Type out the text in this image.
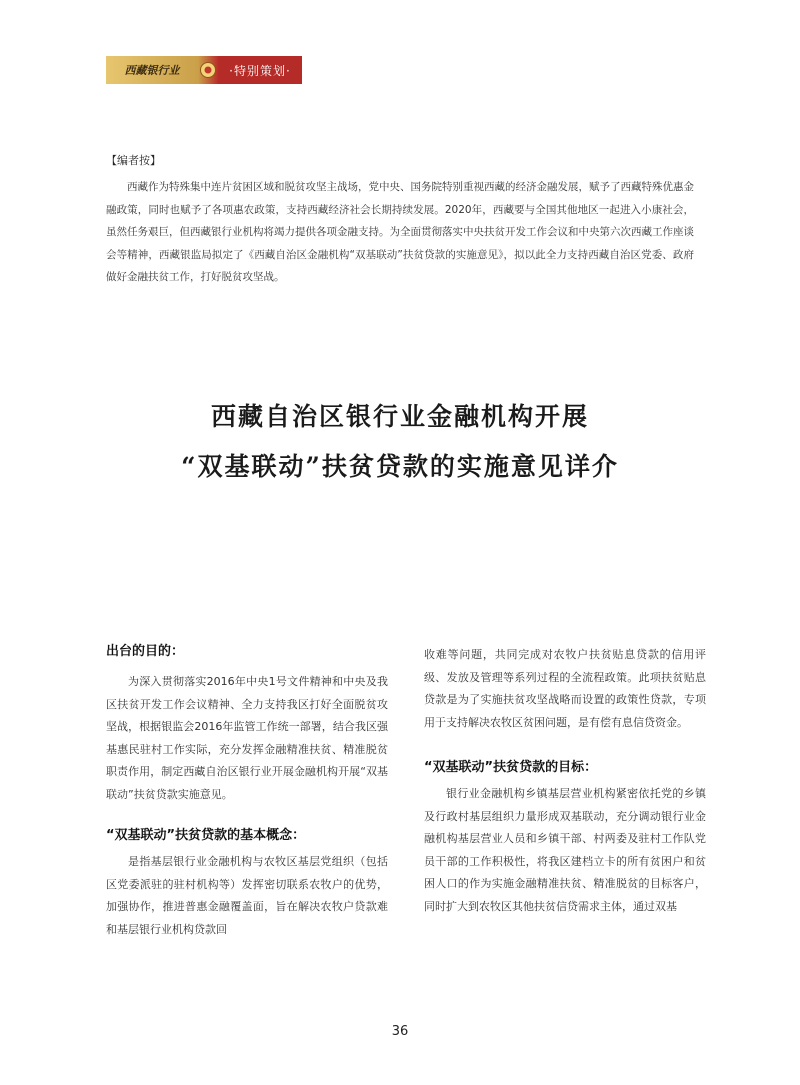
西藏银行业	·特别策划·
【编者按】
西藏作为特殊集中连片贫困区域和脱贫攻坚主战场，党中央、国务院特别重视西藏的经济金融发展，赋予了西藏特殊优惠金融政策，同时也赋予了各项惠农政策，支持西藏经济社会长期持续发展。2020年，西藏要与全国其他地区一起进入小康社会，虽然任务艰巨，但西藏银行业机构将竭力提供各项金融支持。为全面贯彻落实中央扶贫开发工作会议和中央第六次西藏工作座谈会等精神，西藏银监局拟定了《西藏自治区金融机构“双基联动”扶贫贷款的实施意见》，拟以此全力支持西藏自治区党委、政府做好金融扶贫工作，打好脱贫攻坚战。
西藏自治区银行业金融机构开展
“双基联动”扶贫贷款的实施意见详介
出台的目的：
为深入贯彻落实2016年中央1号文件精神和中央及我区扶贫开发工作会议精神、全力支持我区打好全面脱贫攻坚战，根据银监会2016年监管工作统一部署，结合我区强基惠民驻村工作实际，充分发挥金融精准扶贫、精准脱贫职责作用，制定西藏自治区银行业开展金融机构开展“双基联动”扶贫贷款实施意见。
“双基联动”扶贫贷款的基本概念：
是指基层银行业金融机构与农牧区基层党组织（包括区党委派驻的驻村机构等）发挥密切联系农牧户的优势，加强协作，推进普惠金融覆盖面，旨在解决农牧户贷款难和基层银行业机构贷款回
收难等问题，共同完成对农牧户扶贫贴息贷款的信用评级、发放及管理等系列过程的全流程政策。此项扶贫贴息贷款是为了实施扶贫攻坚战略而设置的政策性贷款，专项用于支持解决农牧区贫困问题，是有偿有息信贷资金。
“双基联动”扶贫贷款的目标：
银行业金融机构乡镇基层营业机构紧密依托党的乡镇及行政村基层组织力量形成双基联动，充分调动银行业金融机构基层营业人员和乡镇干部、村两委及驻村工作队党员干部的工作积极性，将我区建档立卡的所有贫困户和贫困人口的作为实施金融精准扶贫、精准脱贫的目标客户，同时扩大到农牧区其他扶贫信贷需求主体，通过双基
36
